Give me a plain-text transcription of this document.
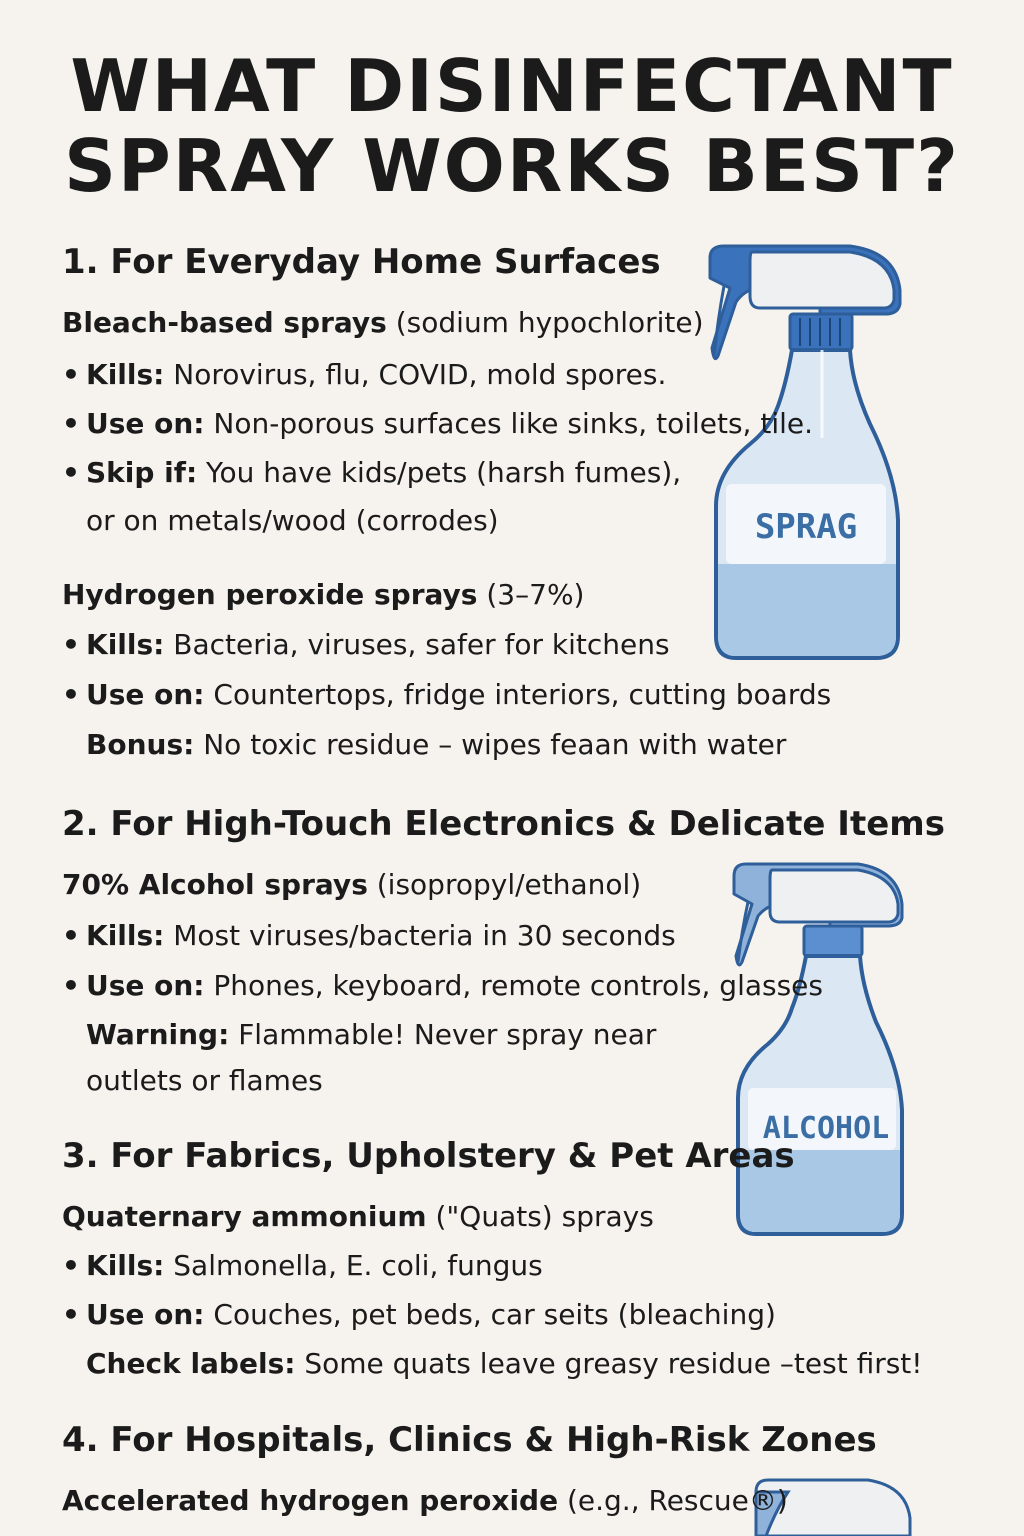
WHAT DISINFECTANT
SPRAY WORKS BEST?
SPRAG
ALCOHOL
1. For Everyday Home Surfaces

Bleach-based sprays (sodium hypochlorite)

• Kills: Norovirus, flu, COVID, mold spores.

• Use on: Non-porous surfaces like sinks, toilets, tile.

• Skip if: You have kids/pets (harsh fumes),

or on metals/wood (corrodes)

Hydrogen peroxide sprays (3–7%)

• Kills: Bacteria, viruses, safer for kitchens

• Use on: Countertops, fridge interiors, cutting boards

Bonus: No toxic residue – wipes feaan with water

2. For High-Touch Electronics & Delicate Items

70% Alcohol sprays (isopropyl/ethanol)

• Kills: Most viruses/bacteria in 30 seconds

• Use on: Phones, keyboard, remote controls, glasses

Warning: Flammable! Never spray near

outlets or flames

3. For Fabrics, Upholstery & Pet Areas

Quaternary ammonium ("Quats) sprays

• Kills: Salmonella, E. coli, fungus

• Use on: Couches, pet beds, car seits (bleaching)

Check labels: Some quats leave greasy residue –test first!

4. For Hospitals, Clinics & High-Risk Zones

Accelerated hydrogen peroxide (e.g., Rescue®)
